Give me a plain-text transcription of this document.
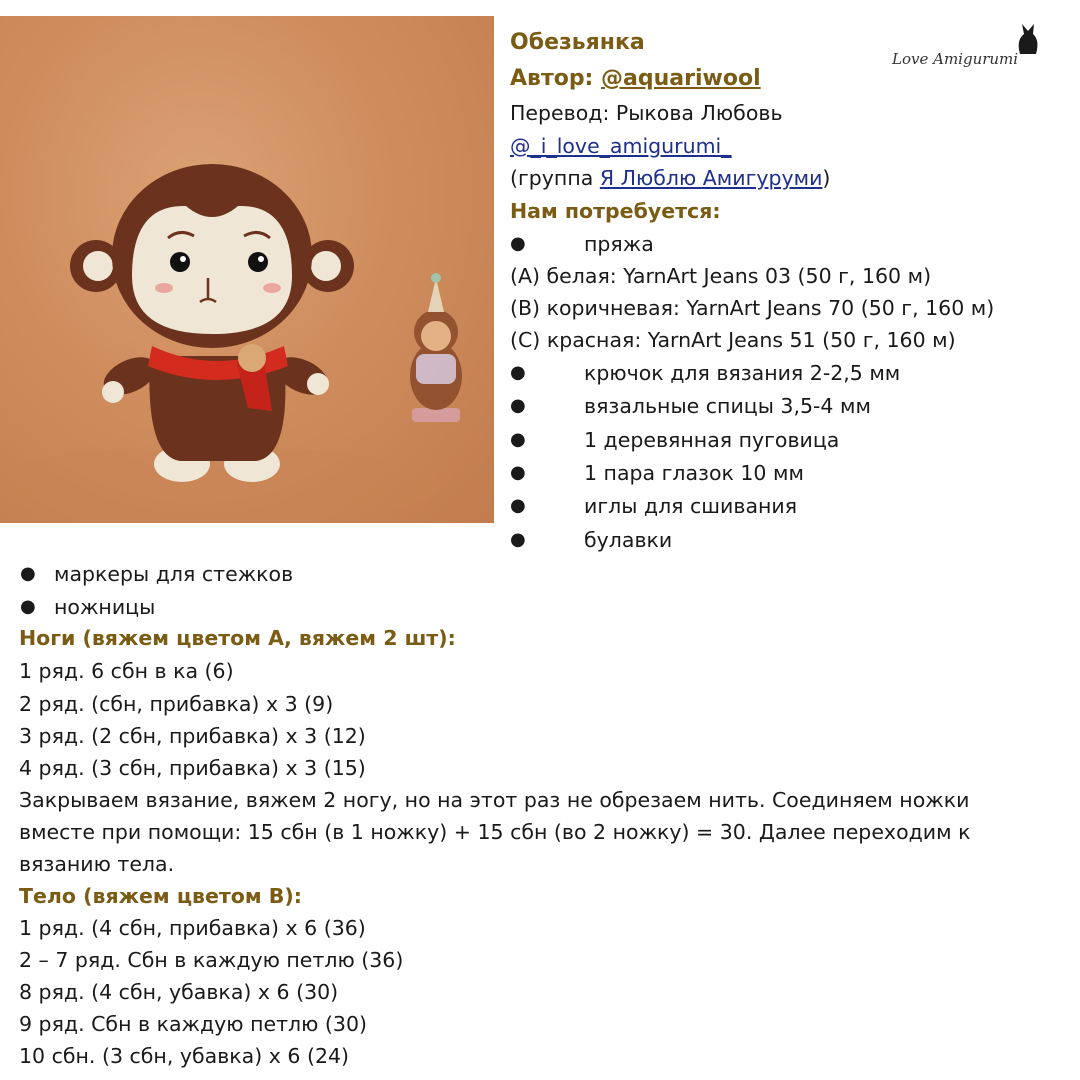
Love Amigurumi
Обезьянка
Автор: @aquariwool
Перевод: Рыкова Любовь
@_i_love_amigurumi_
(группа Я Люблю Амигуруми)
Нам потребуется:
●	пряжа
(A) белая: YarnArt Jeans 03 (50 г, 160 м)
(B) коричневая: YarnArt Jeans 70 (50 г, 160 м)
(C) красная: YarnArt Jeans 51 (50 г, 160 м)
●	крючок для вязания 2-2,5 мм
●	вязальные спицы 3,5-4 мм
●	1 деревянная пуговица
●	1 пара глазок 10 мм
●	иглы для сшивания
●	булавки
● маркеры для стежков
● ножницы
Ноги (вяжем цветом А, вяжем 2 шт):
1 ряд. 6 сбн в ка (6)
2 ряд. (сбн, прибавка) х 3 (9)
3 ряд. (2 сбн, прибавка) х 3 (12)
4 ряд. (3 сбн, прибавка) х 3 (15)
Закрываем вязание, вяжем 2 ногу, но на этот раз не обрезаем нить. Соединяем ножки
вместе при помощи: 15 сбн (в 1 ножку) + 15 сбн (во 2 ножку) = 30. Далее переходим к
вязанию тела.
Тело (вяжем цветом В):
1 ряд. (4 сбн, прибавка) х 6 (36)
2 – 7 ряд. Сбн в каждую петлю (36)
8 ряд. (4 сбн, убавка) х 6 (30)
9 ряд. Сбн в каждую петлю (30)
10 сбн. (3 сбн, убавка) х 6 (24)
